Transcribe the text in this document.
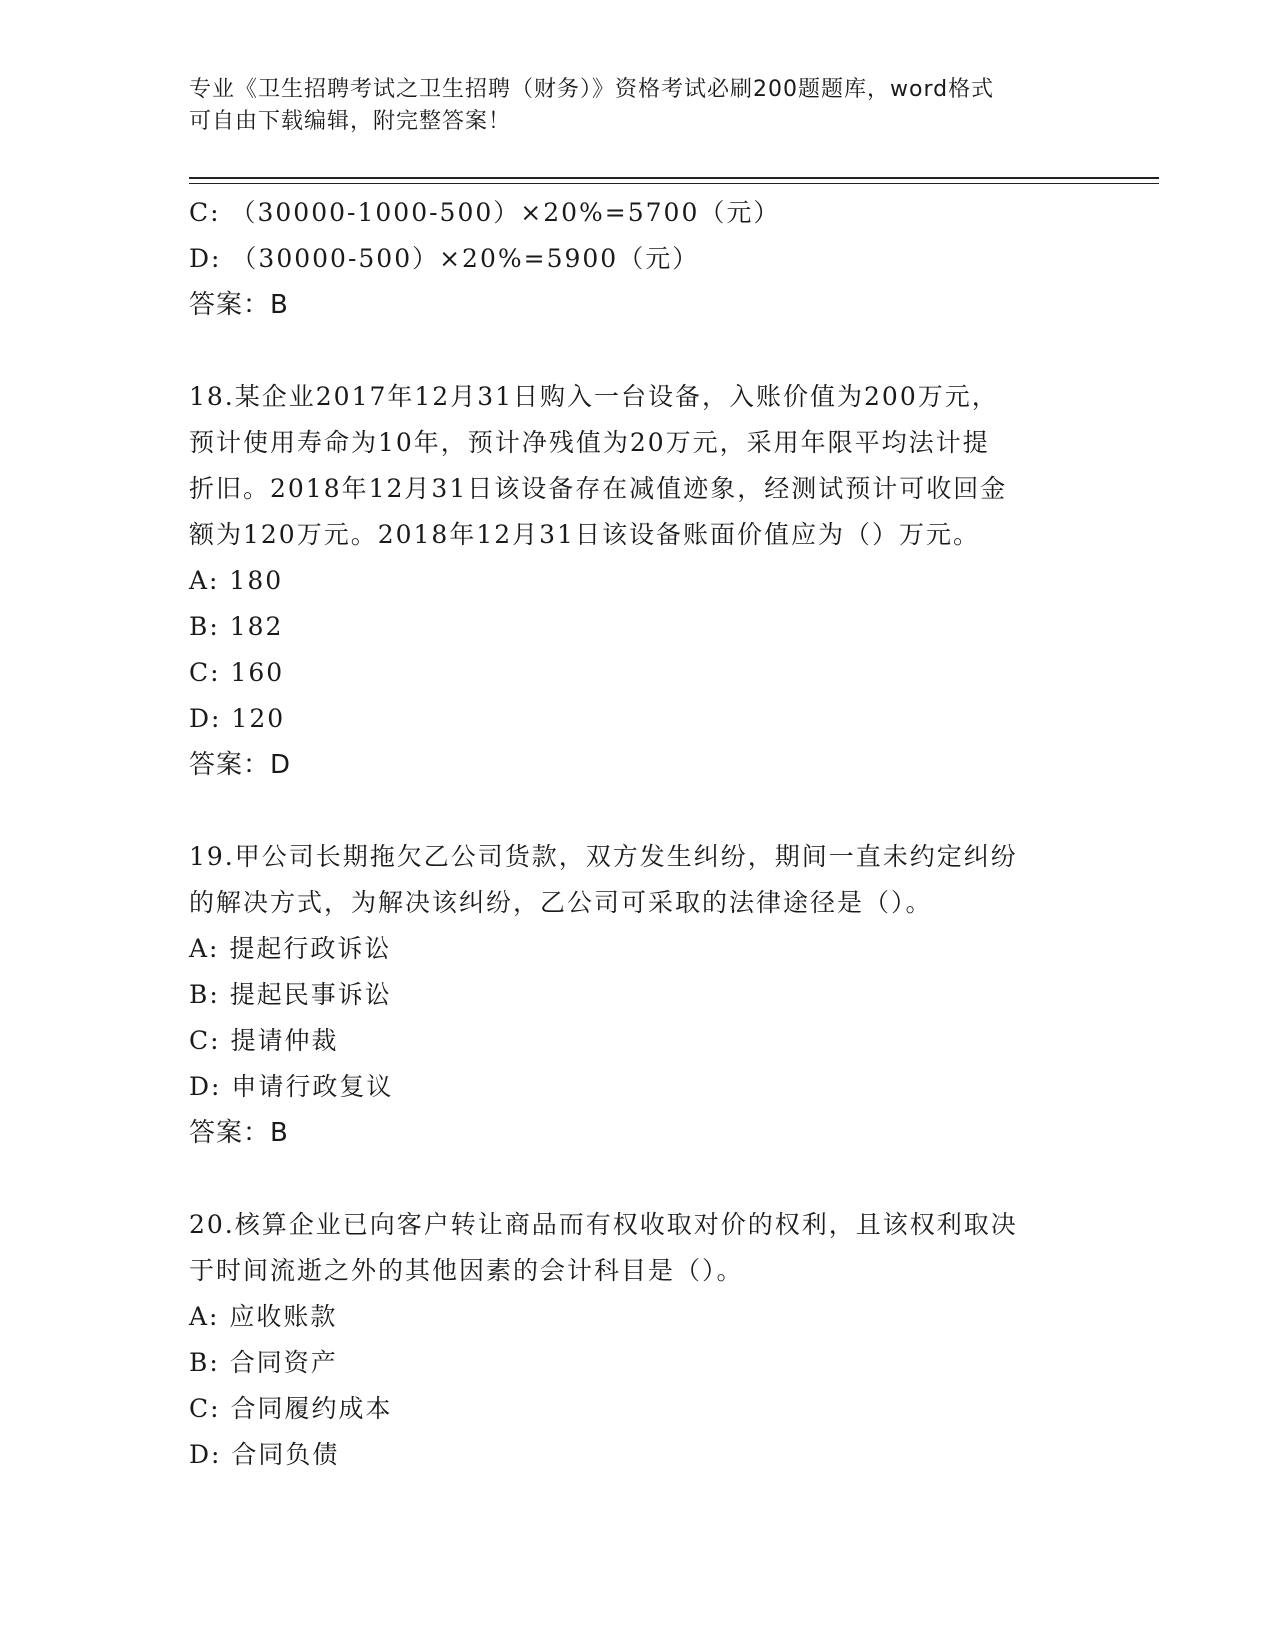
专业《卫生招聘考试之卫生招聘（财务）》资格考试必刷200题题库，word格式
可自由下载编辑，附完整答案！
C: （30000-1000-500）×20%=5700（元）
D: （30000-500）×20%=5900（元）
答案：B
18.某企业2017年12月31日购入一台设备，入账价值为200万元，
预计使用寿命为10年，预计净残值为20万元，采用年限平均法计提
折旧。2018年12月31日该设备存在减值迹象，经测试预计可收回金
额为120万元。2018年12月31日该设备账面价值应为（）万元。
A: 180
B: 182
C: 160
D: 120
答案：D
19.甲公司长期拖欠乙公司货款，双方发生纠纷，期间一直未约定纠纷
的解决方式，为解决该纠纷，乙公司可采取的法律途径是（）。
A: 提起行政诉讼
B: 提起民事诉讼
C: 提请仲裁
D: 申请行政复议
答案：B
20.核算企业已向客户转让商品而有权收取对价的权利，且该权利取决
于时间流逝之外的其他因素的会计科目是（）。
A: 应收账款
B: 合同资产
C: 合同履约成本
D: 合同负债
